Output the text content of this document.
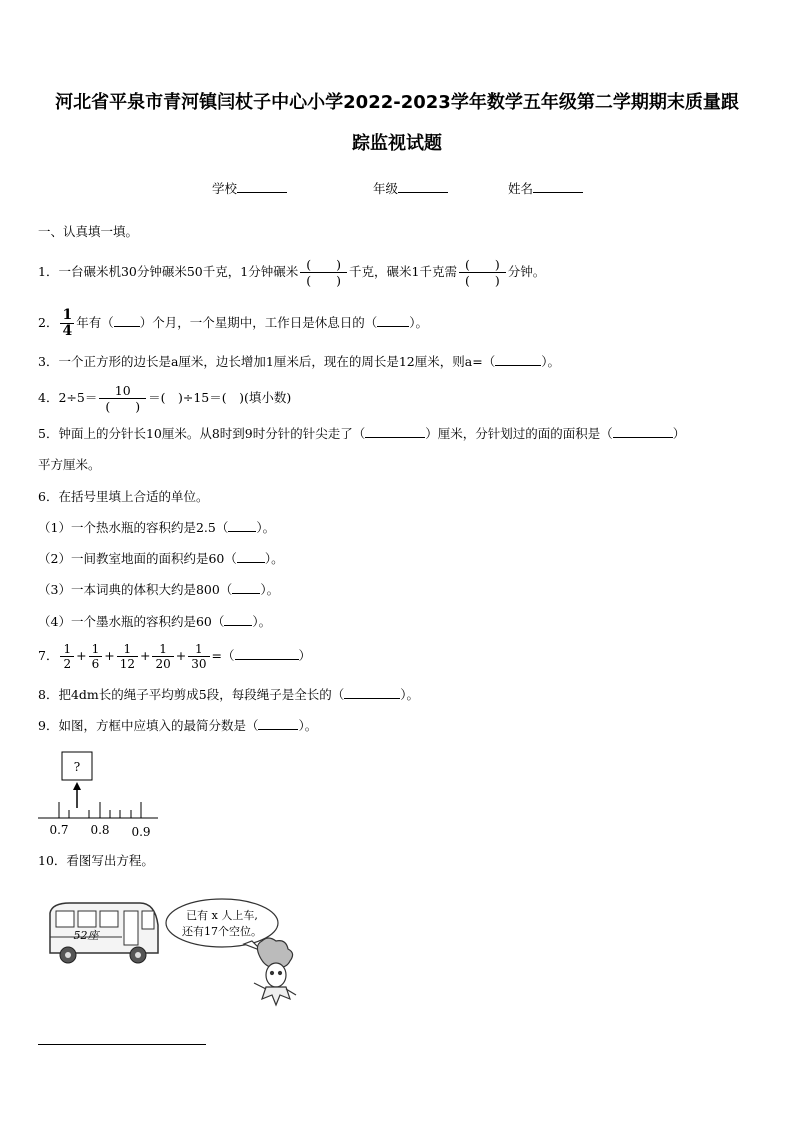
河北省平泉市青河镇闫杖子中心小学2022-2023学年数学五年级第二学期期末质量跟
踪监视试题
学校	年级	姓名
一、认真填一填。
1．一台碾米机30分钟碾米50千克，1分钟碾米 $\frac{( )}{( )}$ 千克，碾米1千克需 $\frac{( )}{( )}$ 分钟。
2． $\frac{1}{4}$ 年有（ ）个月，一个星期中，工作日是休息日的（	）。
3．一个正方形的边长是a厘米，边长增加1厘米后，现在的周长是12厘米，则a=（	）。
4．$2\div 5= \frac{10}{( )}$ ＝(　)÷15＝(　)(填小数)
5．钟面上的分针长10厘米。从8时到9时分针的针尖走了（	）厘米，分针划过的面的面积是（	）
平方厘米。
6．在括号里填上合适的单位。
（1）一个热水瓶的容积约是2.5（ ）。
（2）一间教室地面的面积约是60（ ）。
（3）一本词典的体积大约是800（ ）。
（4）一个墨水瓶的容积约是60（ ）。
7． $\frac{1}{2} + \frac{1}{6} + \frac{1}{12} + \frac{1}{20} + \frac{1}{30}$ =（	）
8．把4dm长的绳子平均剪成5段，每段绳子是全长的（	）。
9．如图，方框中应填入的最简分数是（	）。
?
0.7 0.8 0.9
10．看图写出方程。
52座
已有 x 人上车,
还有17个空位。
